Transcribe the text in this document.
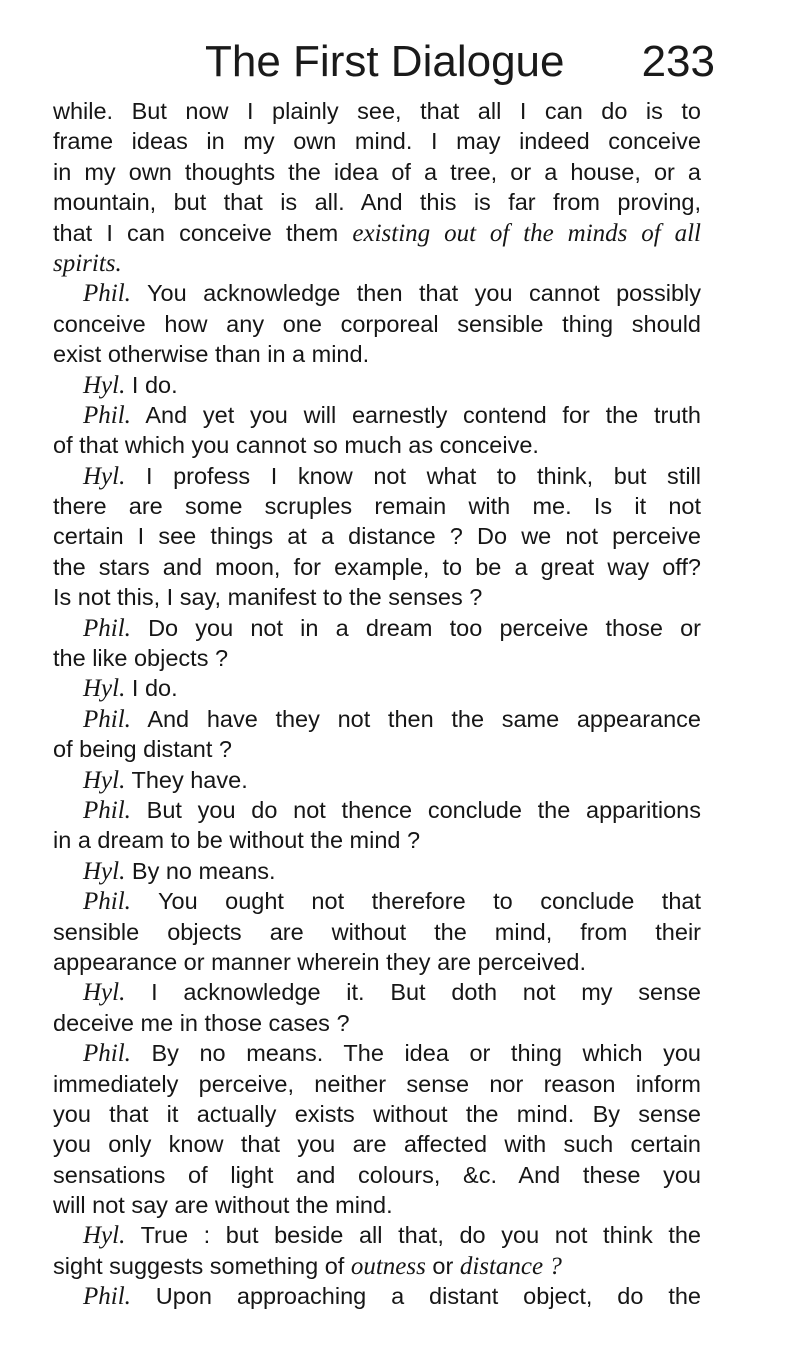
The First Dialogue 233
while. But now I plainly see, that all I can do is to
frame ideas in my own mind. I may indeed conceive
in my own thoughts the idea of a tree, or a house, or a
mountain, but that is all. And this is far from proving,
that I can conceive them existing out of the minds of all
spirits.
Phil. You acknowledge then that you cannot possibly
conceive how any one corporeal sensible thing should
exist otherwise than in a mind.
Hyl. I do.
Phil. And yet you will earnestly contend for the truth
of that which you cannot so much as conceive.
Hyl. I profess I know not what to think, but still
there are some scruples remain with me. Is it not
certain I see things at a distance ? Do we not perceive
the stars and moon, for example, to be a great way off?
Is not this, I say, manifest to the senses ?
Phil. Do you not in a dream too perceive those or
the like objects ?
Hyl. I do.
Phil. And have they not then the same appearance
of being distant ?
Hyl. They have.
Phil. But you do not thence conclude the apparitions
in a dream to be without the mind ?
Hyl. By no means.
Phil. You ought not therefore to conclude that
sensible objects are without the mind, from their
appearance or manner wherein they are perceived.
Hyl. I acknowledge it. But doth not my sense
deceive me in those cases ?
Phil. By no means. The idea or thing which you
immediately perceive, neither sense nor reason inform
you that it actually exists without the mind. By sense
you only know that you are affected with such certain
sensations of light and colours, &c. And these you
will not say are without the mind.
Hyl. True : but beside all that, do you not think the
sight suggests something of outness or distance ?
Phil. Upon approaching a distant object, do the
